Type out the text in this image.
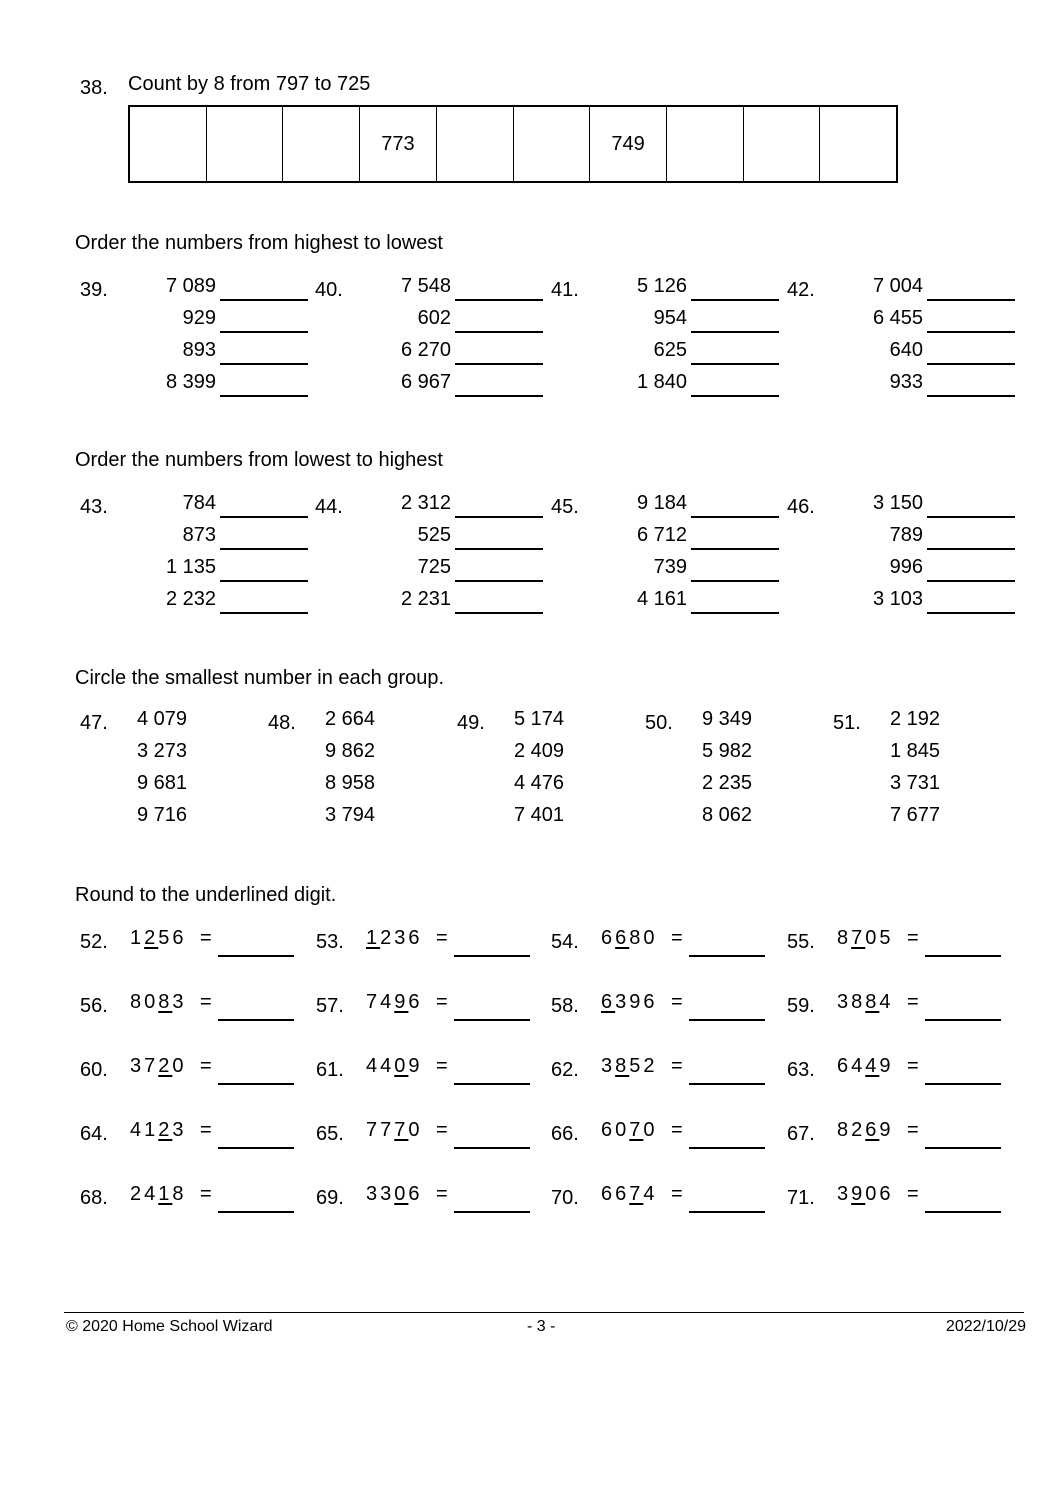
38. Count by 8 from 797 to 725
773	749
Order the numbers from highest to lowest
39.	7 089
929
893
8 399
40.	7 548
602
6 270
6 967
41.	5 126
954
625
1 840
42.	7 004
6 455
640
933
Order the numbers from lowest to highest
43.	784
873
1 135
2 232
44.	2 312
525
725
2 231
45.	9 184
6 712
739
4 161
46.	3 150
789
996
3 103
Circle the smallest number in each group.
47. 4 079
3 273
9 681
9 716
48. 2 664
9 862
8 958
3 794
49. 5 174
2 409
4 476
7 401
50. 9 349
5 982
2 235
8 062
51. 2 192
1 845
3 731
7 677
Round to the underlined digit.
52. 1256 =	53. 1236 =	54. 6680 =	55. 8705 =
56. 8083 =	57. 7496 =	58. 6396 =	59. 3884 =
60. 3720 =	61. 4409 =	62. 3852 =	63. 6449 =
64. 4123 =	65. 7770 =	66. 6070 =	67. 8269 =
68. 2418 =	69. 3306 =	70. 6674 =	71. 3906 =
© 2020 Home School Wizard	- 3 -	2022/10/29
